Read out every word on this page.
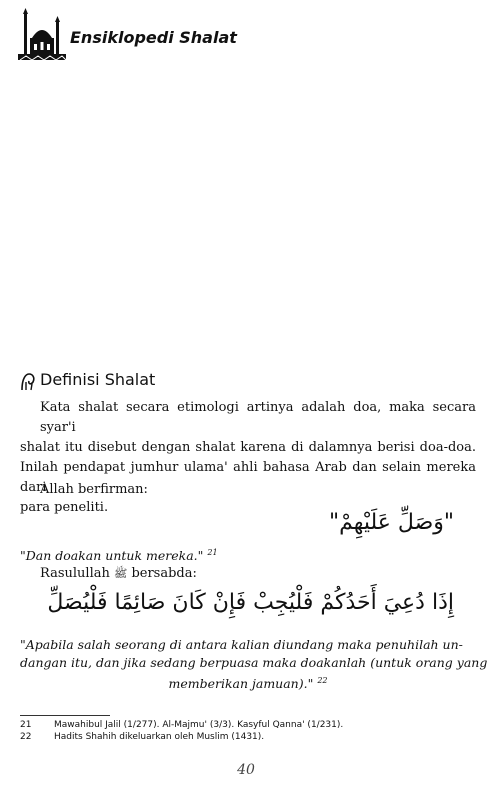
Ensiklopedi Shalat
Definisi Shalat
Kata shalat secara etimologi artinya adalah doa, maka secara syar'i
shalat itu disebut dengan shalat karena di dalamnya berisi doa-doa.
Inilah pendapat jumhur ulama' ahli bahasa Arab dan selain mereka dari
para peneliti.
Allah berfirman:
"وَصَلِّ عَلَيْهِمْ"
"Dan doakan untuk mereka." $^{21}$
Rasulullah ﷺ bersabda:
إِذَا دُعِيَ أَحَدُكُمْ فَلْيُجِبْ فَإِنْ كَانَ صَائِمًا فَلْيُصَلِّ
"Apabila salah seorang di antara kalian diundang maka penuhilah un-
dangan itu, dan jika sedang berpuasa maka doakanlah (untuk orang yang
memberikan jamuan)." $^{22}$
21	Mawahibul Jalil (1/277). Al-Majmu' (3/3). Kasyful Qanna' (1/231).
22	Hadits Shahih dikeluarkan oleh Muslim (1431).
40
